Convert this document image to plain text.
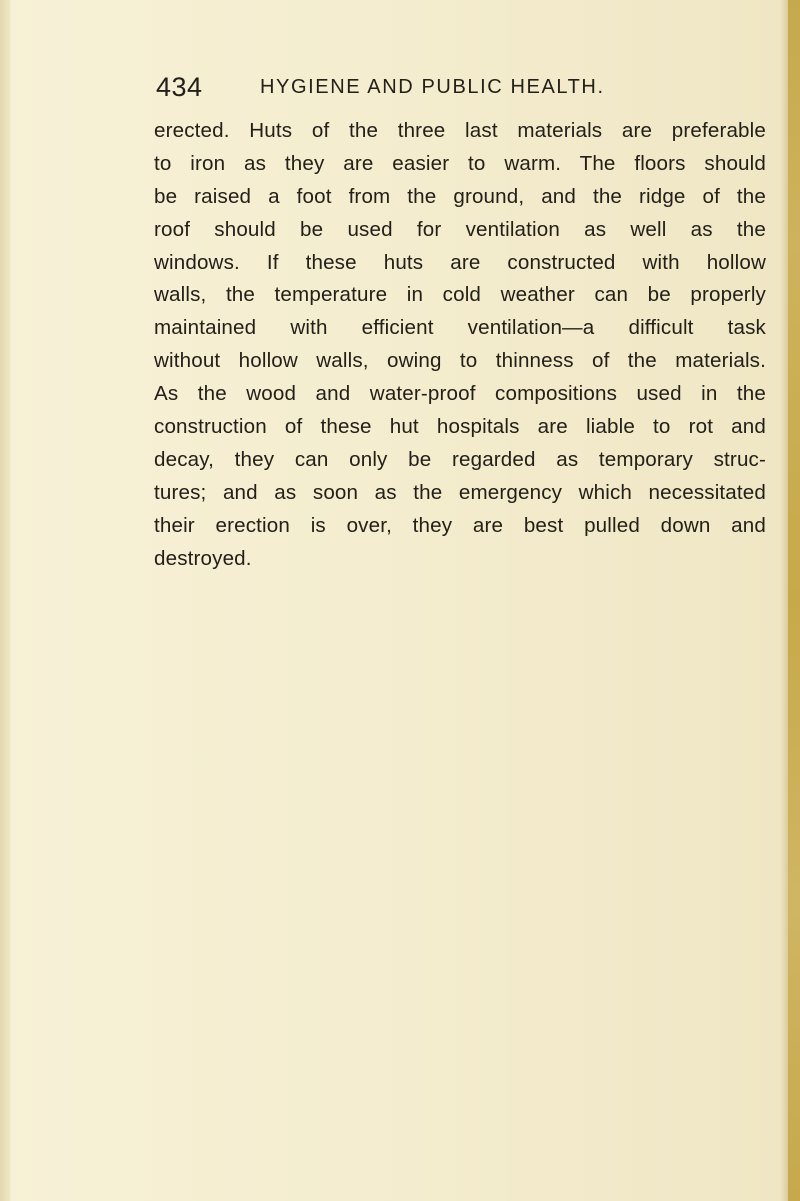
434	HYGIENE AND PUBLIC HEALTH.
erected. Huts of the three last materials are preferable
to iron as they are easier to warm. The floors should
be raised a foot from the ground, and the ridge of the
roof should be used for ventilation as well as the
windows. If these huts are constructed with hollow
walls, the temperature in cold weather can be properly
maintained with efficient ventilation—a difficult task
without hollow walls, owing to thinness of the materials.
As the wood and water-proof compositions used in the
construction of these hut hospitals are liable to rot and
decay, they can only be regarded as temporary struc-
tures; and as soon as the emergency which necessitated
their erection is over, they are best pulled down and
destroyed.
